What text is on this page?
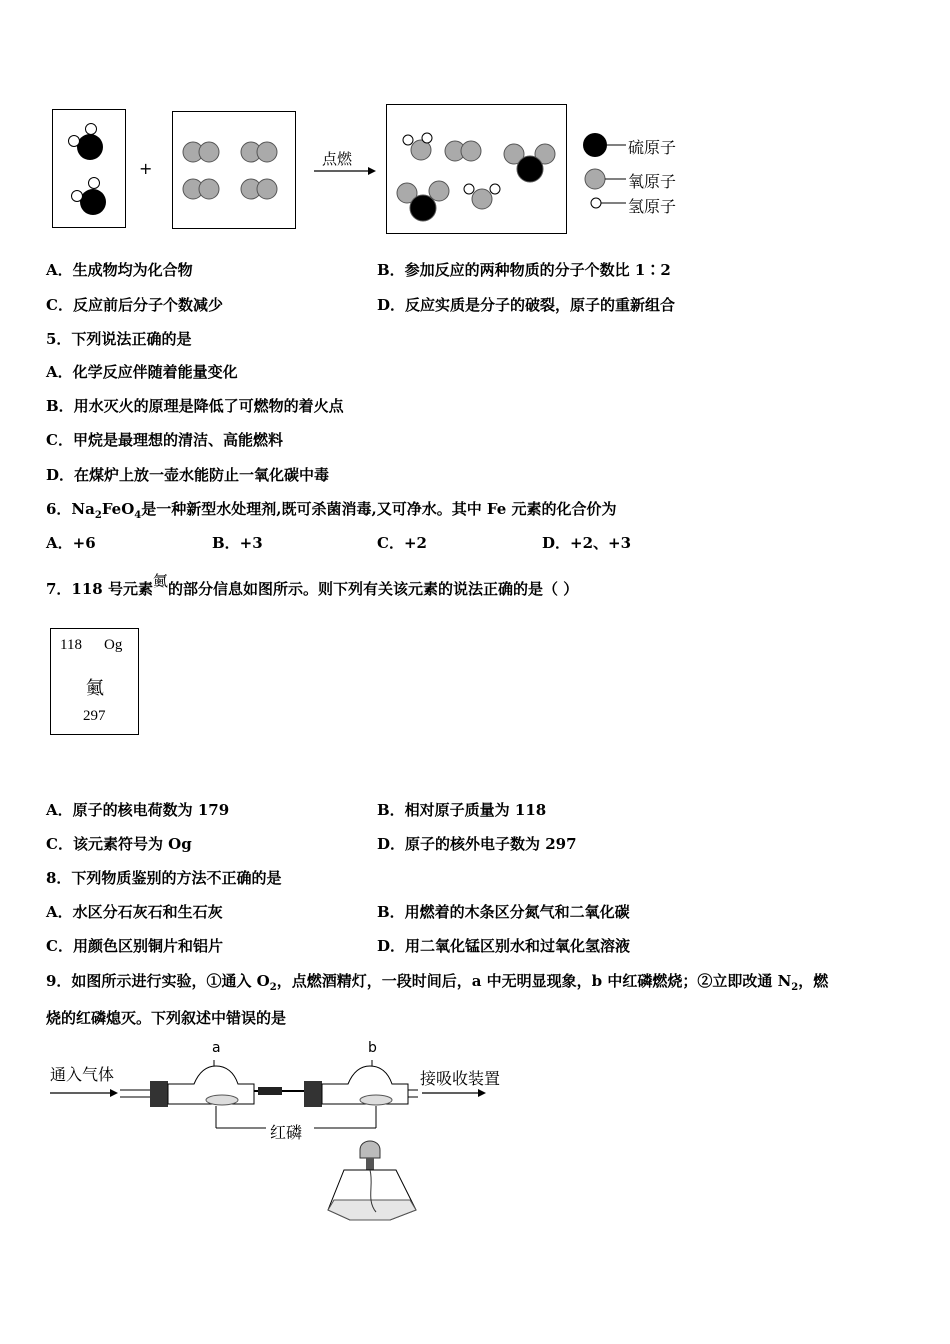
+	点燃
硫原子
氧原子
氢原子
A．生成物均为化合物	B．参加反应的两种物质的分子个数比 1∶2
C．反应前后分子个数减少	D．反应实质是分子的破裂，原子的重新组合
5．下列说法正确的是
A．化学反应伴随着能量变化
B．用水灭火的原理是降低了可燃物的着火点
C．甲烷是最理想的清洁、高能燃料
D．在煤炉上放一壶水能防止一氧化碳中毒
6．$Na_2FeO_4$是一种新型水处理剂,既可杀菌消毒,又可净水。其中 Fe 元素的化合价为
A．+6	B．+3	C．+2	D．+2、+3
7．118 号元素鿫的部分信息如图所示。则下列有关该元素的说法正确的是（ ）
118 Og
鿫
297
A．原子的核电荷数为 179	B．相对原子质量为 118
C．该元素符号为 Og	D．原子的核外电子数为 297
8．下列物质鉴别的方法不正确的是
A．水区分石灰石和生石灰	B．用燃着的木条区分氮气和二氧化碳
C．用颜色区别铜片和铝片	D．用二氧化锰区别水和过氧化氢溶液
9．如图所示进行实验，①通入 $O_2$，点燃酒精灯，一段时间后，a 中无明显现象，b 中红磷燃烧；②立即改通 $N_2$，燃
烧的红磷熄灭。下列叙述中错误的是
通入气体	接吸收装置
a	b
红磷
